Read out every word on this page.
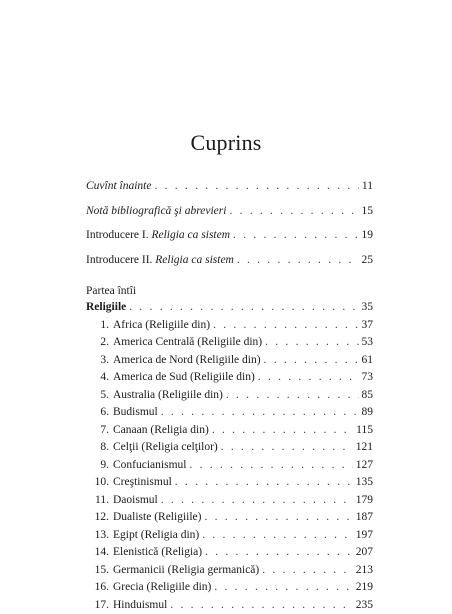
Cuprins
Cuvînt înainte . . .	11
Notă bibliografică şi abrevieri . . .	15
Introducere I. Religia ca sistem . . .	19
Introducere II. Religia ca sistem . . .	25
Partea întîi
Religiile . . .	35
1. Africa (Religiile din) . . .	37
2. America Centrală (Religiile din) . . .	53
3. America de Nord (Religiile din) . . .	61
4. America de Sud (Religiile din) . . .	73
5. Australia (Religiile din) . . .	85
6. Budismul . . .	89
7. Canaan (Religia din) . . .	115
8. Celţii (Religia celţilor) . . .	121
9. Confucianismul . . .	127
10. Creştinismul . . .	135
11. Daoismul . . .	179
12. Dualiste (Religiile) . . .	187
13. Egipt (Religia din) . . .	197
14. Elenistică (Religia) . . .	207
15. Germanicii (Religia germanică) . . .	213
16. Grecia (Religiile din) . . .	219
17. Hinduismul . . .	235
